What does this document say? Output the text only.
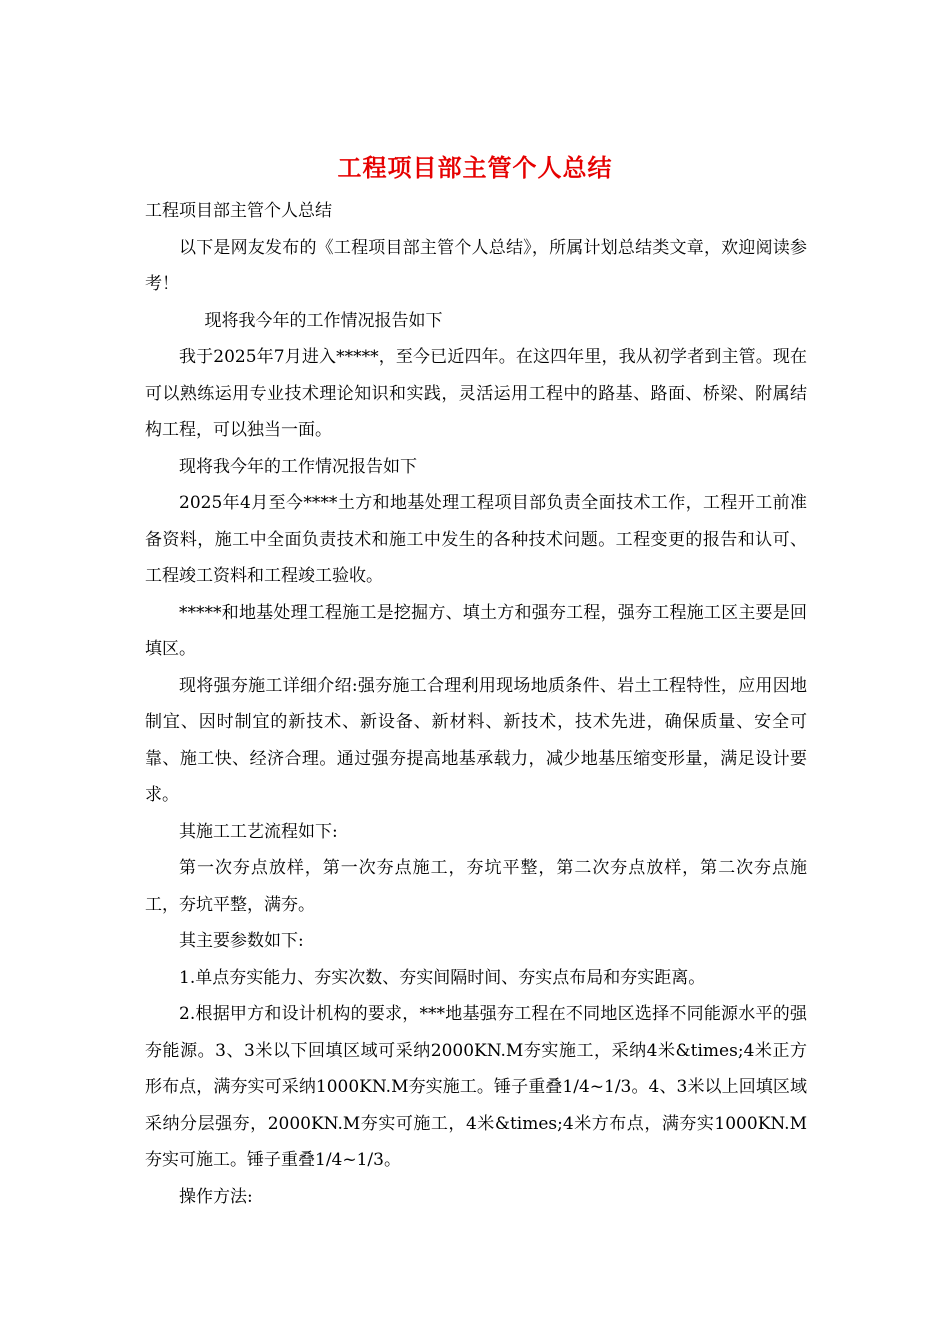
工程项目部主管个人总结

工程项目部主管个人总结

以下是网友发布的《工程项目部主管个人总结》，所属计划总结类文章，欢迎阅读参考！

现将我今年的工作情况报告如下

我于2025年7月进入*****，至今已近四年。在这四年里，我从初学者到主管。现在可以熟练运用专业技术理论知识和实践，灵活运用工程中的路基、路面、桥梁、附属结构工程，可以独当一面。

现将我今年的工作情况报告如下

2025年4月至今****土方和地基处理工程项目部负责全面技术工作，工程开工前准备资料，施工中全面负责技术和施工中发生的各种技术问题。工程变更的报告和认可、工程竣工资料和工程竣工验收。

*****和地基处理工程施工是挖掘方、填土方和强夯工程，强夯工程施工区主要是回填区。

现将强夯施工详细介绍:强夯施工合理利用现场地质条件、岩土工程特性，应用因地制宜、因时制宜的新技术、新设备、新材料、新技术，技术先进，确保质量、安全可靠、施工快、经济合理。通过强夯提高地基承载力，减少地基压缩变形量，满足设计要求。

其施工工艺流程如下:

第一次夯点放样，第一次夯点施工，夯坑平整，第二次夯点放样，第二次夯点施工，夯坑平整，满夯。

其主要参数如下:

1.单点夯实能力、夯实次数、夯实间隔时间、夯实点布局和夯实距离。

2.根据甲方和设计机构的要求，***地基强夯工程在不同地区选择不同能源水平的强夯能源。3、3米以下回填区域可采纳2000KN.M夯实施工，采纳4米&times;4米正方形布点，满夯实可采纳1000KN.M夯实施工。锤子重叠1/4~1/3。4、3米以上回填区域采纳分层强夯，2000KN.M夯实可施工，4米&times;4米方布点，满夯实1000KN.M夯实可施工。锤子重叠1/4~1/3。

操作方法:
